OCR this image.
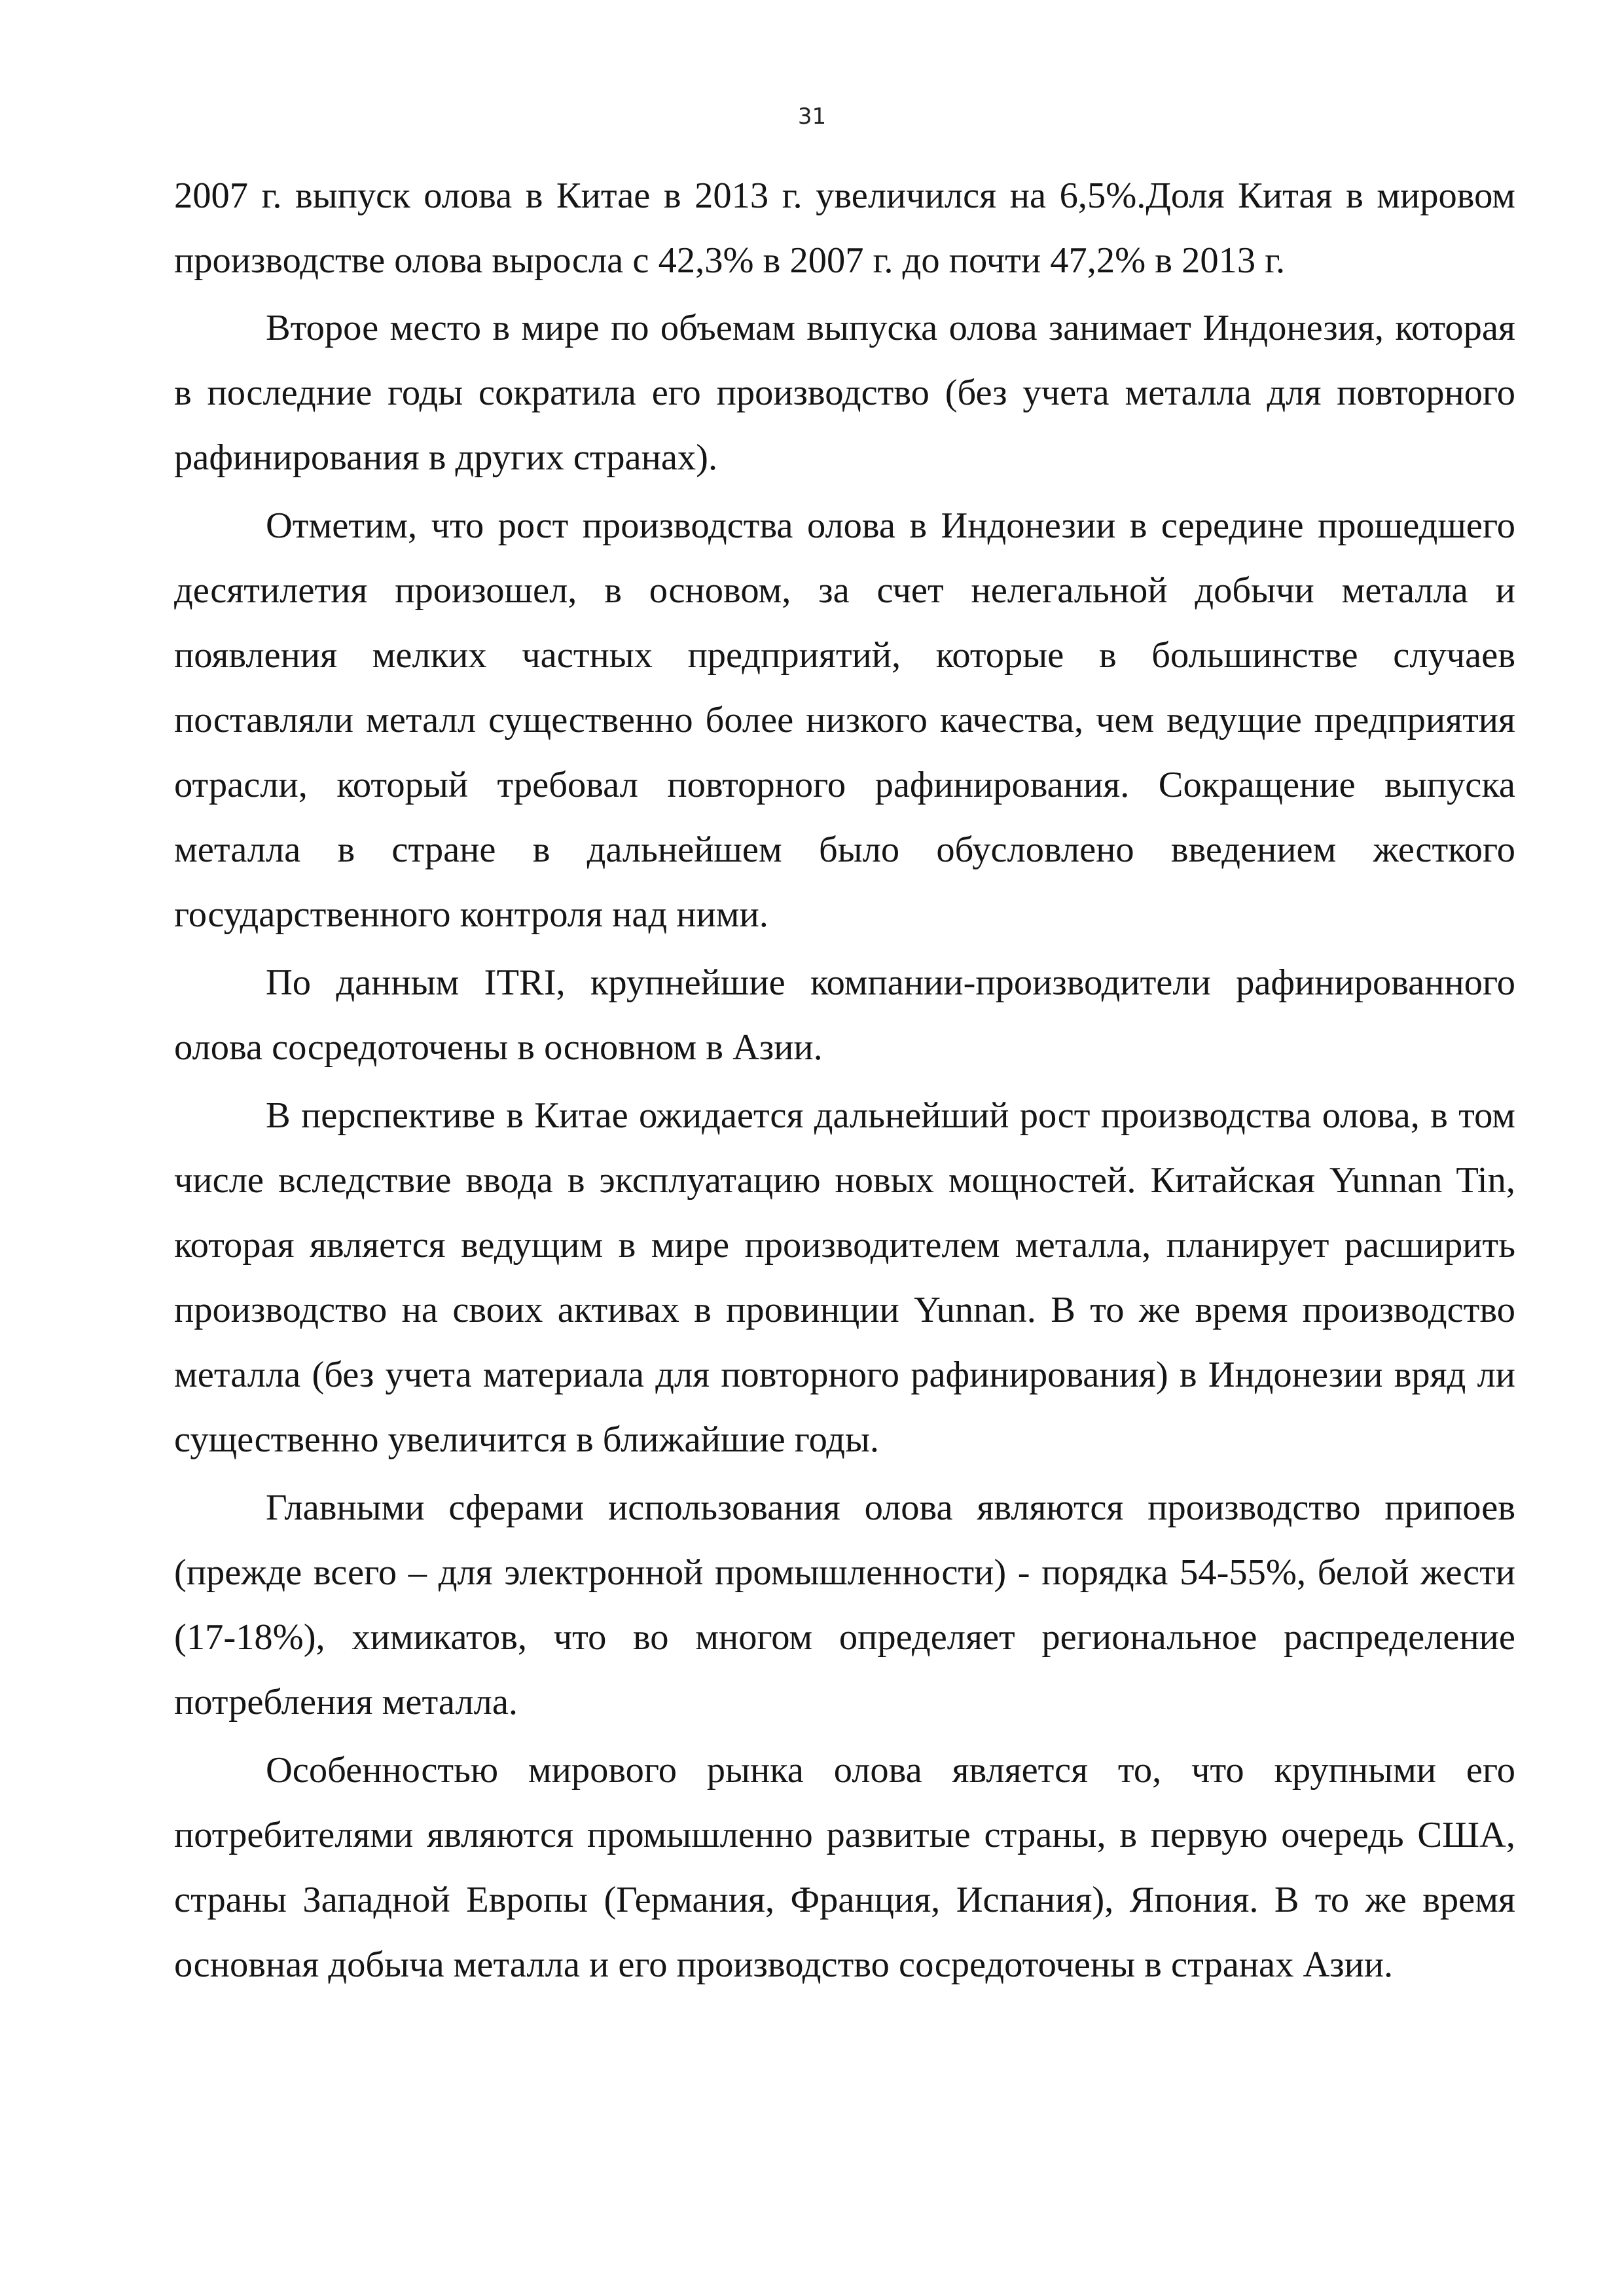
31

2007 г. выпуск олова в Китае в 2013 г. увеличился на 6,5%.Доля Китая в мировом производстве олова выросла с 42,3% в 2007 г. до почти 47,2% в 2013 г.

Второе место в мире по объемам выпуска олова занимает Индонезия, которая в последние годы сократила его производство (без учета металла для повторного рафинирования в других странах).

Отметим, что рост производства олова в Индонезии в середине прошедшего десятилетия произошел, в основом, за счет нелегальной добычи металла и появления мелких частных предприятий, которые в большинстве случаев поставляли металл существенно более низкого качества, чем ведущие предприятия отрасли, который требовал повторного рафинирования. Сокращение выпуска металла в стране в дальнейшем было обусловлено введением жесткого государственного контроля над ними.

По данным ITRI, крупнейшие компании-производители рафинированного олова сосредоточены в основном в Азии.

В перспективе в Китае ожидается дальнейший рост производства олова, в том числе вследствие ввода в эксплуатацию новых мощностей. Китайская Yunnan Tin, которая является ведущим в мире производителем металла, планирует расширить производство на своих активах в провинции Yunnan. В то же время производство металла (без учета материала для повторного рафинирования) в Индонезии вряд ли существенно увеличится в ближайшие годы.

Главными сферами использования олова являются производство припоев (прежде всего – для электронной промышленности) - порядка 54-55%, белой жести (17-18%), химикатов, что во многом определяет региональное распределение потребления металла.

Особенностью мирового рынка олова является то, что крупными его потребителями являются промышленно развитые страны, в первую очередь США, страны Западной Европы (Германия, Франция, Испания), Япония. В то же время основная добыча металла и его производство сосредоточены в странах Азии.
